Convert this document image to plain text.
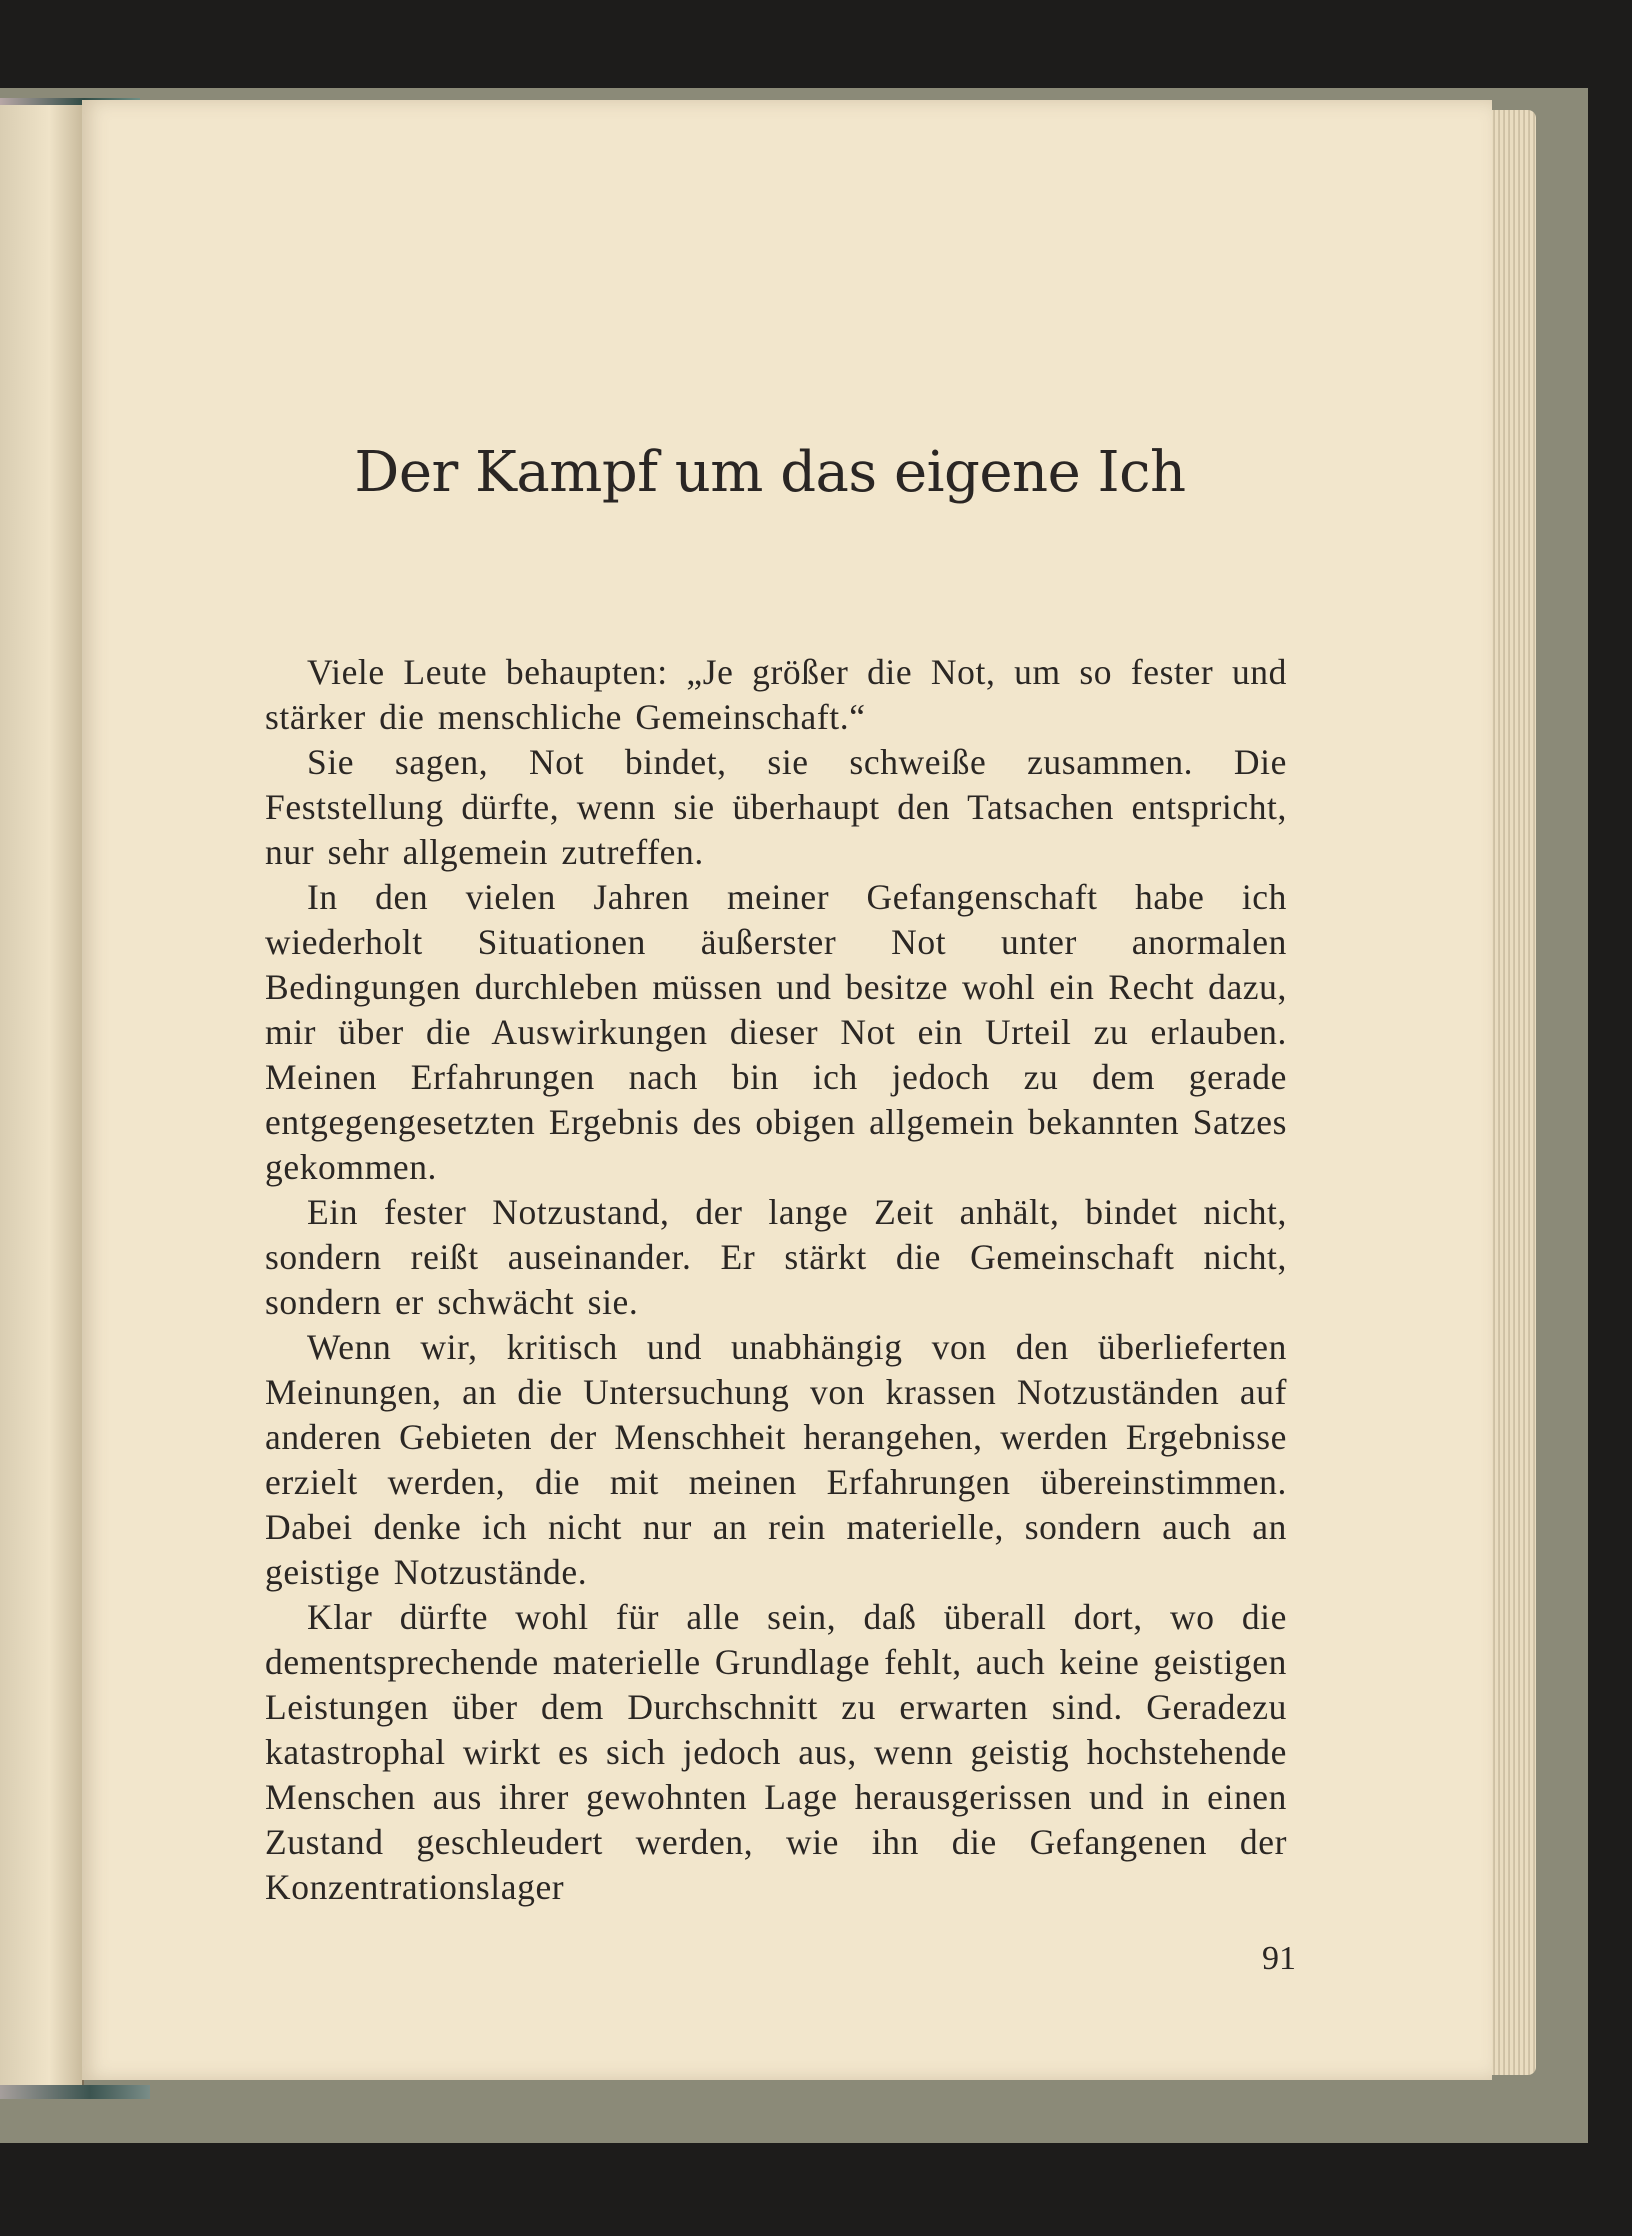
Der Kampf um das eigene Ich

Viele Leute behaupten: „Je größer die Not, um so fester und stärker die menschliche Gemeinschaft.“

Sie sagen, Not bindet, sie schweiße zusammen. Die Feststellung dürfte, wenn sie überhaupt den Tatsachen entspricht, nur sehr allgemein zutreffen.

In den vielen Jahren meiner Gefangenschaft habe ich wiederholt Situationen äußerster Not unter anormalen Bedingungen durchleben müssen und besitze wohl ein Recht dazu, mir über die Auswirkungen dieser Not ein Urteil zu erlauben. Meinen Erfahrungen nach bin ich jedoch zu dem gerade entgegengesetzten Ergebnis des obigen allgemein bekannten Satzes gekommen.

Ein fester Notzustand, der lange Zeit anhält, bindet nicht, sondern reißt auseinander. Er stärkt die Gemeinschaft nicht, sondern er schwächt sie.

Wenn wir, kritisch und unabhängig von den überlieferten Meinungen, an die Untersuchung von krassen Notzuständen auf anderen Gebieten der Menschheit herangehen, werden Ergebnisse erzielt werden, die mit meinen Erfahrungen übereinstimmen. Dabei denke ich nicht nur an rein materielle, sondern auch an geistige Notzustände.

Klar dürfte wohl für alle sein, daß überall dort, wo die dementsprechende materielle Grundlage fehlt, auch keine geistigen Leistungen über dem Durchschnitt zu erwarten sind. Geradezu katastrophal wirkt es sich jedoch aus, wenn geistig hochstehende Menschen aus ihrer gewohnten Lage herausgerissen und in einen Zustand geschleudert werden, wie ihn die Gefangenen der Konzentrationslager

91
